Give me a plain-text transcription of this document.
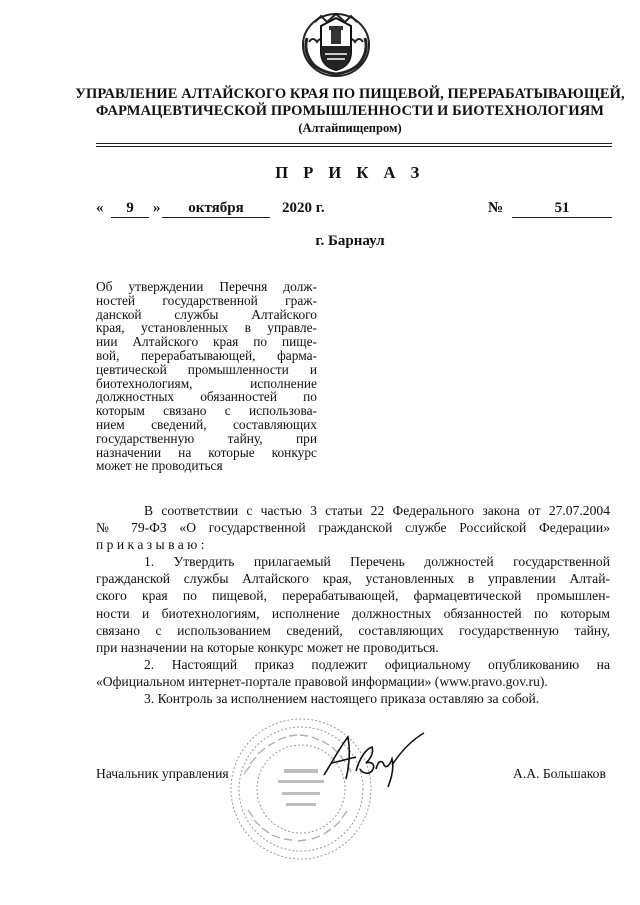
УПРАВЛЕНИЕ АЛТАЙСКОГО КРАЯ ПО ПИЩЕВОЙ, ПЕРЕРАБАТЫВАЮЩЕЙ,
ФАРМАЦЕВТИЧЕСКОЙ ПРОМЫШЛЕННОСТИ И БИОТЕХНОЛОГИЯМ
(Алтайпищепром)
П Р И К А З
«	9	»	октября	2020 г.	№	51
г. Барнаул
Об утверждении Перечня долж-
ностей государственной граж-
данской службы Алтайского
края, установленных в управле-
нии Алтайского края по пище-
вой, перерабатывающей, фарма-
цевтической промышленности и
биотехнологиям, исполнение
должностных обязанностей по
которым связано с использова-
нием сведений, составляющих
государственную тайну, при
назначении на которые конкурс
может не проводиться
В соответствии с частью 3 статьи 22 Федерального закона от 27.07.2004
№ 79-ФЗ «О государственной гражданской службе Российской Федерации»
приказываю:
1. Утвердить прилагаемый Перечень должностей государственной
гражданской службы Алтайского края, установленных в управлении Алтай-
ского края по пищевой, перерабатывающей, фармацевтической промышлен-
ности и биотехнологиям, исполнение должностных обязанностей по которым
связано с использованием сведений, составляющих государственную тайну,
при назначении на которые конкурс может не проводиться.
2. Настоящий приказ подлежит официальному опубликованию на
«Официальном интернет-портале правовой информации» (www.pravo.gov.ru).
3. Контроль за исполнением настоящего приказа оставляю за собой.
Начальник управления	А.А. Большаков
